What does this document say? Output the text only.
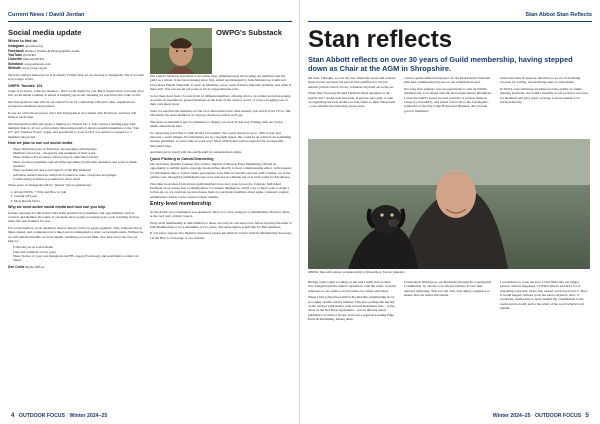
Current News / David Jordan
Social media update
Where to find us
Instagram @outdoorwg
Facebook Outdoor Writers & Photographers Guild
YouTube @OWPG
LinkedIn linkd.in/OWPG
Substack owpg.substack.com
Website www.owpg.org.uk

We have advised followers on X (formerly Twitter) that we are moving to Instagram. The X account is no longer active.

OWPG 'Socials' 101

Some of us thrive, some are daunted – don't social media for you. But it doesn't have to be this way! Our social media roadmap is aimed at helping you social, meaning we reach into the wider world.

Our Instagram account will be our central focus for connecting with each other, organisations, prospective members and partners.

If you are a Facebook person, don't fret! Instagram is now linked with Facebook, and they will shadow each other.

Our Instagram profile also sports a linktree (or "link in bio"). This creates a landing page with multiple links to all our social outlets. More importantly it directs potential members to the "Join Us" and "Outdoor Focus" pages, and potentially to your work if you send us a request for a members showcase!

How we plan to use our social media
• Share Substack posts on Mondays, encouraging subscriptions
• Member's showcase – biography and examples of their work
• Share Outdoor Focus issues, followed up by individual articles
• Share Zoom programmes and advertise upcoming Zoom talks reminders and posts to thank speakers
• Share professional and social aspects of the Big Weekend
• Advertise Annual Awards with posts focused on rules, categories and judges
• Collaborating as much as possible for more reach

Three posts on Instagram will be "pinned" (more permanent):

1. About OWPG + Why and How to join
2. Current OF issue
3. Most Recent News
Why we need active social media and how can you help

Greater exposure for the Guild could bring potential new members and opportunities, such as contacts and member discounts. It can mean more people accessing your work, resulting in more sales and opportunities for you.

For social media to work, members need to interact with our pages regularly. Only someone that is liked, shared, and commented on is liked and recommended to other social media users. Without us, we will remain invisible on social media, rendering our work futile. You help everyone can you help by:

• Following us on social media
• Like and comment on our posts
• Share Stories to your own Instagram and FB, repost (Facebook), and send them to others via 'share'

Dee Cmile Media Officer

OWPG's Substack

The Guild's Substack newsletter is an online blog, simultaneously showcasing our members and the guild as a whole. It has been running since July, edited and managed by Julie Mackay-lee Lamb and Ciara Rose Punchl Timothell. It posts on Mondays, every week if there's material available, less often if there isn't. You can see all our posts so far at owpg.substack.com.

So far there have been 15 posts from 12 different members, offering advice on writing and photography, accounts of expeditions, general musings on the state of the outdoor world, or even a stopping tour of their own latest book.

Since we enrolled the members on Jan 21st, subscribers have risen steadily, but slowly from 135 to 160. Obviously the more members we sign up, the more readers we'll get.

The more worthwhile it gets for members to display our work in this way. Editing with our Social Media should help here.

So, supposing you'd like to what should you submit? The quick answer is up to 1200 words, and between 1 and 6 images. Provided there are no copyright issues, this could be an article from something already published, or even some of work way! Short writing that will be expected for an especially innovative idea.

And then get in touch with Jan and Ronald for rehandwritten rights.

Quick Pitching to Canva/Channeling

Our Associate member Cannner (the outdoor imprint of Monroe Press Publishing) offered an opportunity to submit quick, one-page book pitches directly to their commissioning editor, with requests for full manuscripts to follow where appropriate. Last time we ran this exercise with Cannner, we at the pitches were through by published books, now selected in a minute out of at each round for Excellence.

This time book ideas from eleven guild members have now gone forward to Cannner. Individual feedback on of course free to submit direct to Cannner themselves, and if over or more want to make a follow-up on, we could set up an in-house basis for particular members about again. Cannner's regular submissions criteria can be found on their website.

Entry-level membership

At the AGM, our Constitution was updated to allow for a new category of membership offered to those at the very start of their careers.

Entry-level membership is time-limited, to those can only be converted once before moving thereafter to Full Membership or for a maximum of two years. The subscription is half that for Full members.

If you know anyone who might be interested, please put them in contact with the Membership Secretary, via the How to Join page of our website.

4 OUTDOOR FOCUS Winter 2024–25
Stan Abbot Stan Reflects
Stan reflects
Stan Abbott reflects on over 30 years of Guild membership, having stepped down as Chair at the AGM in Shropshire.
ABOVE: Stan with outdoor companionship in Shrewsbury, Former Islanders.

Oh look, I thought, as I sat my new friend the seven and ordered Doris drawn curiously the person best qualified for the job: Alistair (whom I know it's my volunteer big hand out in the air.

When then Secretary Ronald Turnbull asked attendees at the Guild's 2017 AGM, near Keswick, if anyone was ready to take on organising the next AGM, two late-chairs to their rising hand – over stabilize the following seven years.

a more openly-skilled newspaper. As the Peak District National Park had commissioned by me on our refurbished board.

Not long after joining I saw an opportunity to take an OWPG members trip to Scotland with the Norwegian airline, Braathens. I even the Guild's award for best portfolio of reverse items in category (and sixth!), and joined a first trip to the Carringdale, somewhat of the tiny lodge House near Braemar. All rewards good to members!

Guild and what its purpose should be to an era of declining rewards for writing, and declining sales of print media.

In 2023 I overcommit up and improved the quality of online meeting platforms, the Guild's monthly Zoom proved a real tonic for members and gave great coverage to those unable to be reached directly.

Having come round to taking on the role I really had no idea how I might build the Guild's reputation, with the wider world in reference to our outdoor world where our values still stand.

When I first joined the Guild in the mid-90s, membership stood at roughly double today's number. This now perhaps the heyday of the outdoor print media, with several magazines who – at the dawn of the Net Book Agreement – served thriving small publishers of outdoor books, and even a separate Leading Edge Press & Publishing, among them.

I'd met Rich Smith (now our President) through the Countryside Commission, by whom I was offered Outdoor Focus' first national editorship. This saw me visit, ably amply organised, to ensure that our Guild still stands.

I would have to work out how Covid fitted into our bigger picture: when it happened, COVID came in and did a lot of surprising work that, in the end, earned a real reward for it. How it would happen without work has been a mystery. Also, it eventually enabled me to leave behind my commitment to the Guild and its AGM, and to the relief of the world which it left behind.

Winter 2024–25 OUTDOOR FOCUS 5
